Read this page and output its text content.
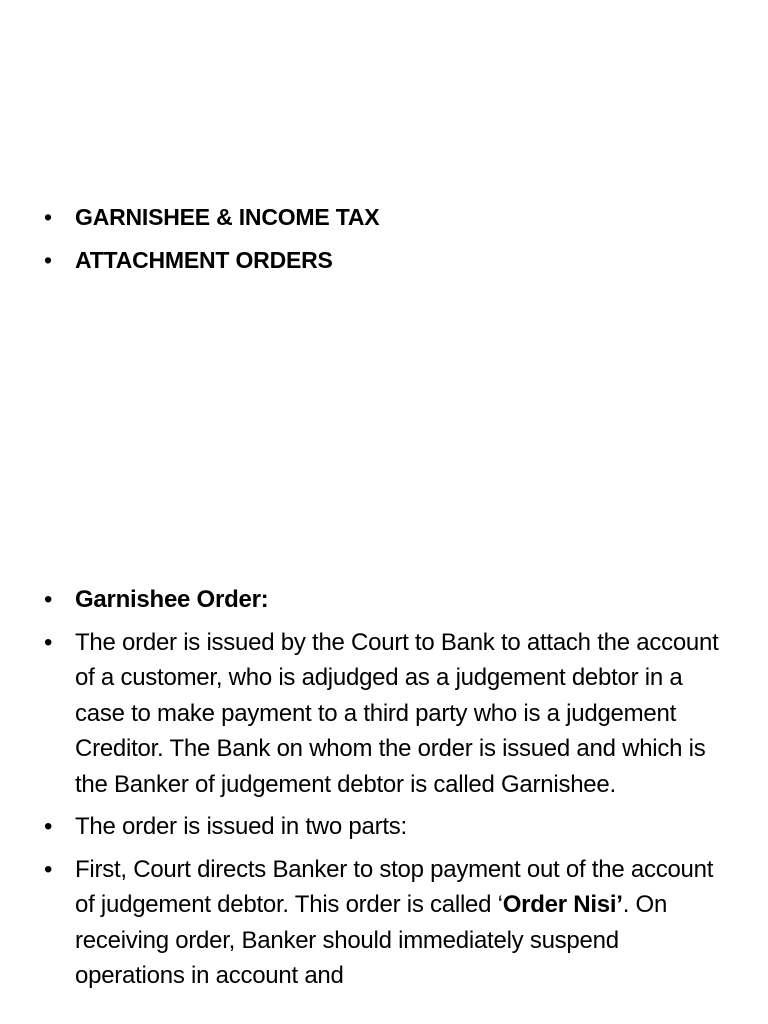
• GARNISHEE & INCOME TAX
• ATTACHMENT ORDERS
• Garnishee Order:
• The order is issued by the Court to Bank to attach the account of a customer, who is adjudged as a judgement debtor in a case to make payment to a third party who is a judgement Creditor. The Bank on whom the order is issued and which is the Banker of judgement debtor is called Garnishee.
• The order is issued in two parts:
• First, Court directs Banker to stop payment out of the account of judgement debtor. This order is called ‘Order Nisi’. On receiving order, Banker should immediately suspend operations in account and
